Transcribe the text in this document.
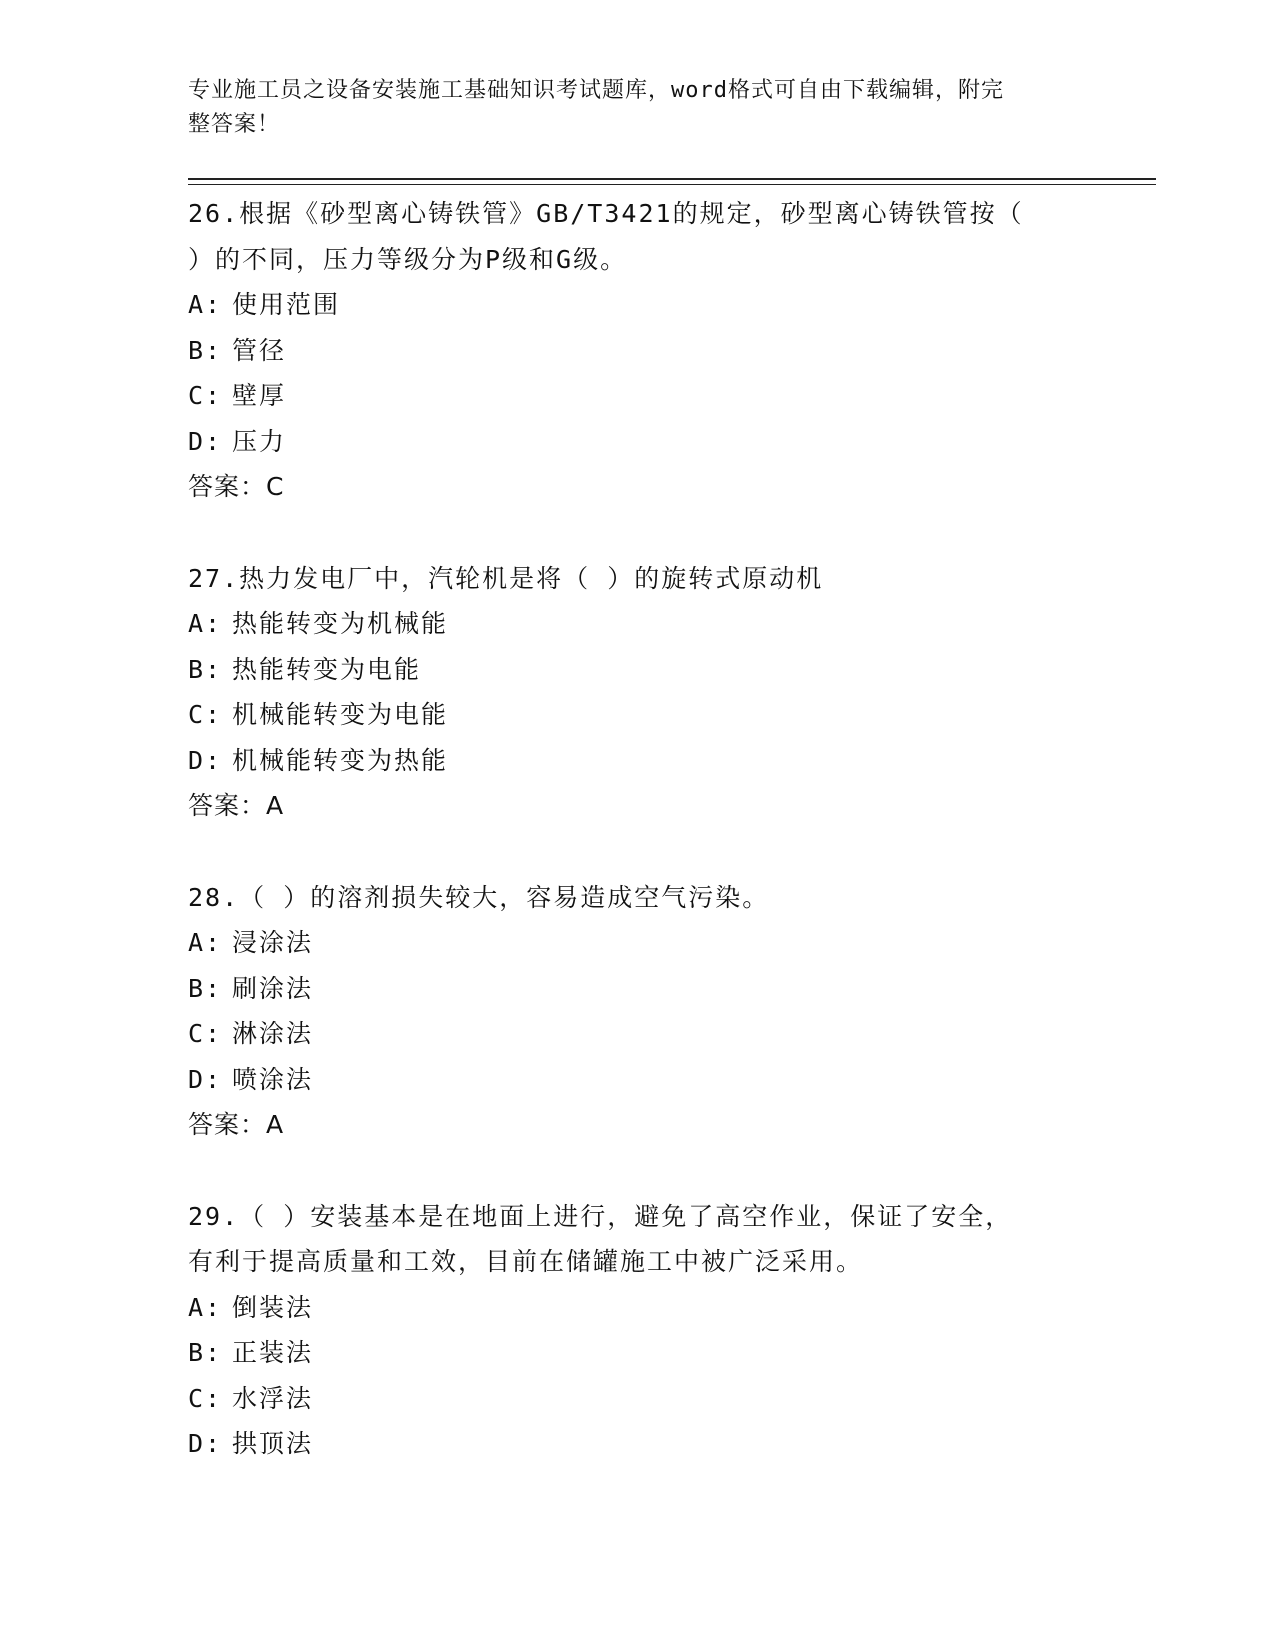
专业施工员之设备安装施工基础知识考试题库，word格式可自由下载编辑，附完
整答案！
26.根据《砂型离心铸铁管》GB/T3421的规定，砂型离心铸铁管按（
）的不同，压力等级分为P级和G级。
A: 使用范围
B: 管径
C: 壁厚
D: 压力
答案：C
27.热力发电厂中，汽轮机是将（ ）的旋转式原动机
A: 热能转变为机械能
B: 热能转变为电能
C: 机械能转变为电能
D: 机械能转变为热能
答案：A
28.（ ）的溶剂损失较大，容易造成空气污染。
A: 浸涂法
B: 刷涂法
C: 淋涂法
D: 喷涂法
答案：A
29.（ ）安装基本是在地面上进行，避免了高空作业，保证了安全，
有利于提高质量和工效，目前在储罐施工中被广泛采用。
A: 倒装法
B: 正装法
C: 水浮法
D: 拱顶法
